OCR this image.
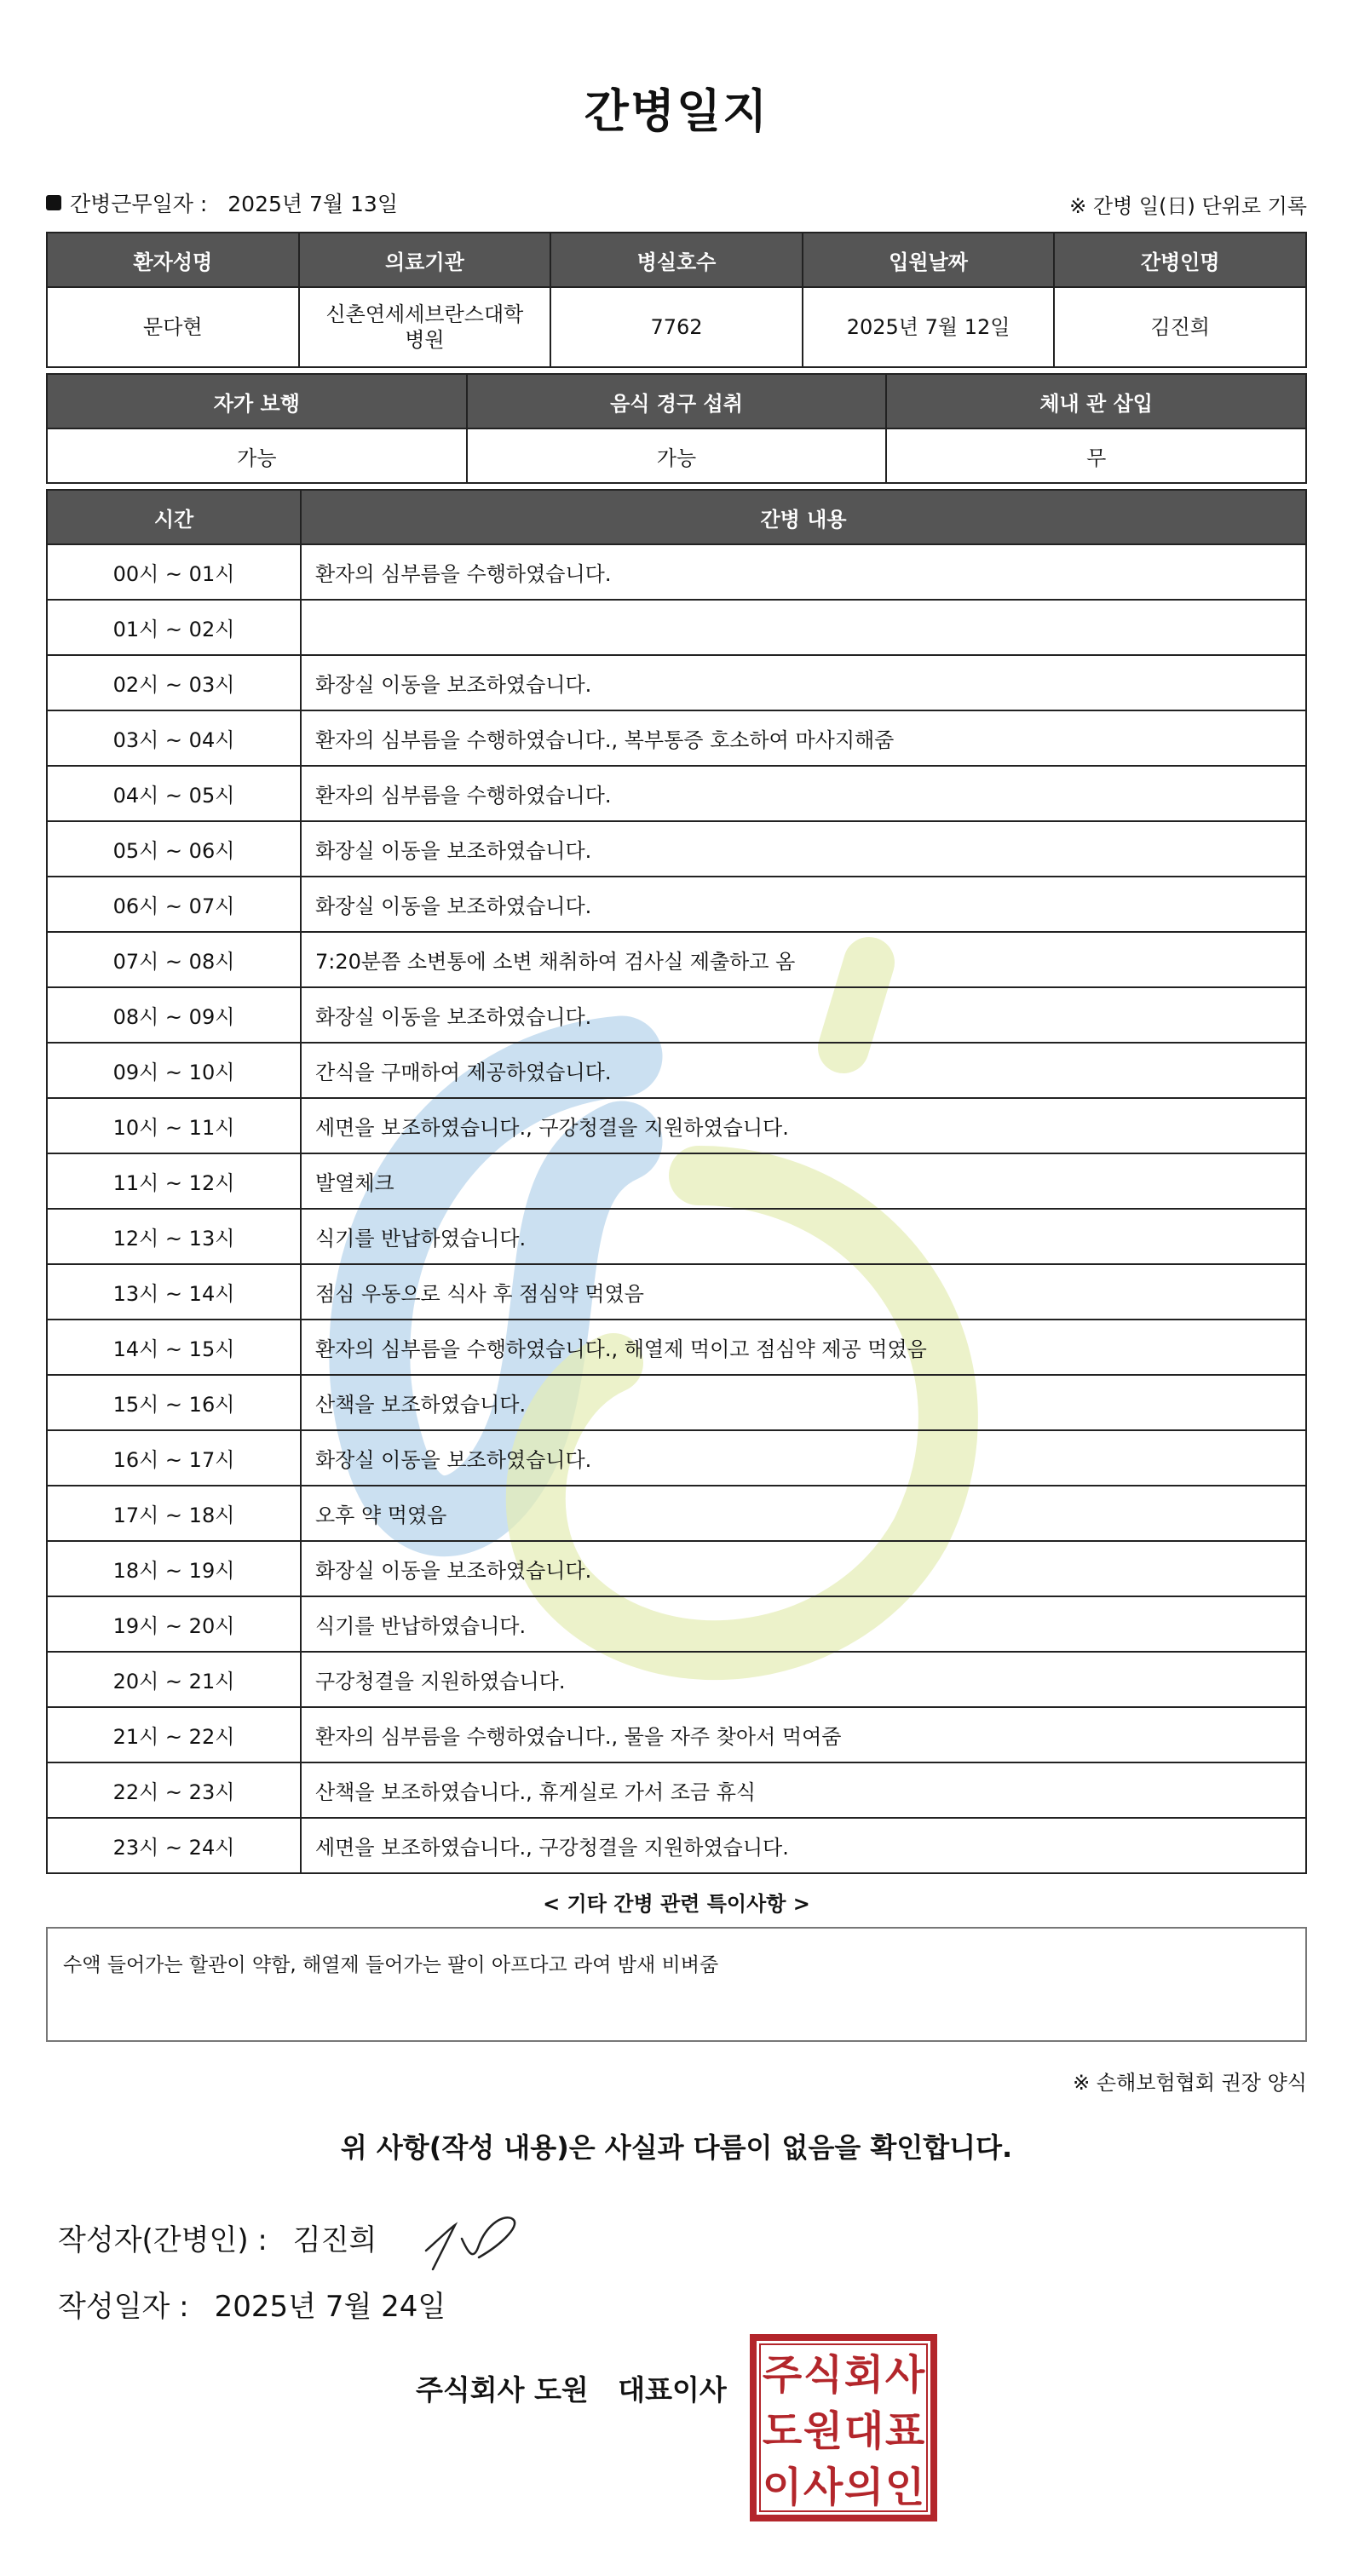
간병일지
간병근무일자 : 2025년 7월 13일	※ 간병 일(日) 단위로 기록
환자성명	의료기관	병실호수	입원날짜	간병인명
문다현	신촌연세세브란스대학병원	7762	2025년 7월 12일	김진희
자가 보행	음식 경구 섭취	체내 관 삽입
가능	가능	무
시간	간병 내용
00시 ~ 01시	환자의 심부름을 수행하였습니다.
01시 ~ 02시	
02시 ~ 03시	화장실 이동을 보조하였습니다.
03시 ~ 04시	환자의 심부름을 수행하였습니다., 복부통증 호소하여 마사지해줌
04시 ~ 05시	환자의 심부름을 수행하였습니다.
05시 ~ 06시	화장실 이동을 보조하였습니다.
06시 ~ 07시	화장실 이동을 보조하였습니다.
07시 ~ 08시	7:20분쯤 소변통에 소변 채취하여 검사실 제출하고 옴
08시 ~ 09시	화장실 이동을 보조하였습니다.
09시 ~ 10시	간식을 구매하여 제공하였습니다.
10시 ~ 11시	세면을 보조하였습니다., 구강청결을 지원하였습니다.
11시 ~ 12시	발열체크
12시 ~ 13시	식기를 반납하였습니다.
13시 ~ 14시	점심 우동으로 식사 후 점심약 먹였음
14시 ~ 15시	환자의 심부름을 수행하였습니다., 해열제 먹이고 점심약 제공 먹였음
15시 ~ 16시	산책을 보조하였습니다.
16시 ~ 17시	화장실 이동을 보조하였습니다.
17시 ~ 18시	오후 약 먹였음
18시 ~ 19시	화장실 이동을 보조하였습니다.
19시 ~ 20시	식기를 반납하였습니다.
20시 ~ 21시	구강청결을 지원하였습니다.
21시 ~ 22시	환자의 심부름을 수행하였습니다., 물을 자주 찾아서 먹여줌
22시 ~ 23시	산책을 보조하였습니다., 휴게실로 가서 조금 휴식
23시 ~ 24시	세면을 보조하였습니다., 구강청결을 지원하였습니다.
< 기타 간병 관련 특이사항 >
수액 들어가는 할관이 약함, 해열제 들어가는 팔이 아프다고 라여 밤새 비벼줌
※ 손해보험협회 권장 양식
위 사항(작성 내용)은 사실과 다름이 없음을 확인합니다.
작성자(간병인) : 김진희
작성일자 : 2025년 7월 24일
주식회사 도원   대표이사 주 식 회 사
도 원 대 표
이 사 의 인
